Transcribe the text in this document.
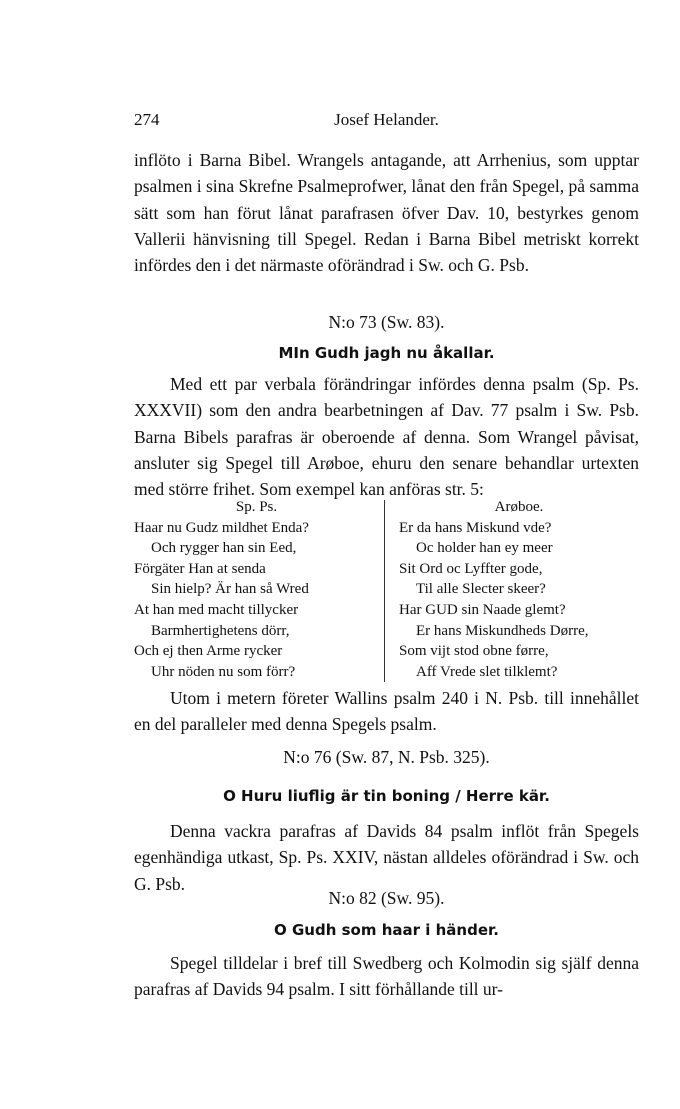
274	Josef Helander.

inflöto i Barna Bibel. Wrangels antagande, att Arrhenius, som upptar psalmen i sina Skrefne Psalmeprofwer, lånat den från Spegel, på samma sätt som han förut lånat parafrasen öfver Dav. 10, bestyrkes genom Vallerii hänvisning till Spegel. Redan i Barna Bibel metriskt korrekt infördes den i det närmaste oförändrad i Sw. och G. Psb.

N:o 73 (Sw. 83).

MIn Gudh jagh nu åkallar.

Med ett par verbala förändringar infördes denna psalm (Sp. Ps. XXXVII) som den andra bearbetningen af Dav. 77 psalm i Sw. Psb. Barna Bibels parafras är oberoende af denna. Som Wrangel påvisat, ansluter sig Spegel till Arøboe, ehuru den senare behandlar urtexten med större frihet. Som exempel kan anföras str. 5:

Sp. Ps.
Haar nu Gudz mildhet Enda?
Och rygger han sin Eed,
Förgäter Han at senda
Sin hielp? Är han så Wred
At han med macht tillycker
Barmhertighetens dörr,
Och ej then Arme rycker
Uhr nöden nu som förr?
Arøboe.
Er da hans Miskund vde?
Oc holder han ey meer
Sit Ord oc Lyffter gode,
Til alle Slecter skeer?
Har GUD sin Naade glemt?
Er hans Miskundheds Dørre,
Som vijt stod obne førre,
Aff Vrede slet tilklemt?

Utom i metern företer Wallins psalm 240 i N. Psb. till innehållet en del paralleler med denna Spegels psalm.

N:o 76 (Sw. 87, N. Psb. 325).

O Huru liuflig är tin boning / Herre kär.

Denna vackra parafras af Davids 84 psalm inflöt från Spegels egenhändiga utkast, Sp. Ps. XXIV, nästan alldeles oförändrad i Sw. och G. Psb.

N:o 82 (Sw. 95).

O Gudh som haar i händer.

Spegel tilldelar i bref till Swedberg och Kolmodin sig själf denna parafras af Davids 94 psalm. I sitt förhållande till ur-
